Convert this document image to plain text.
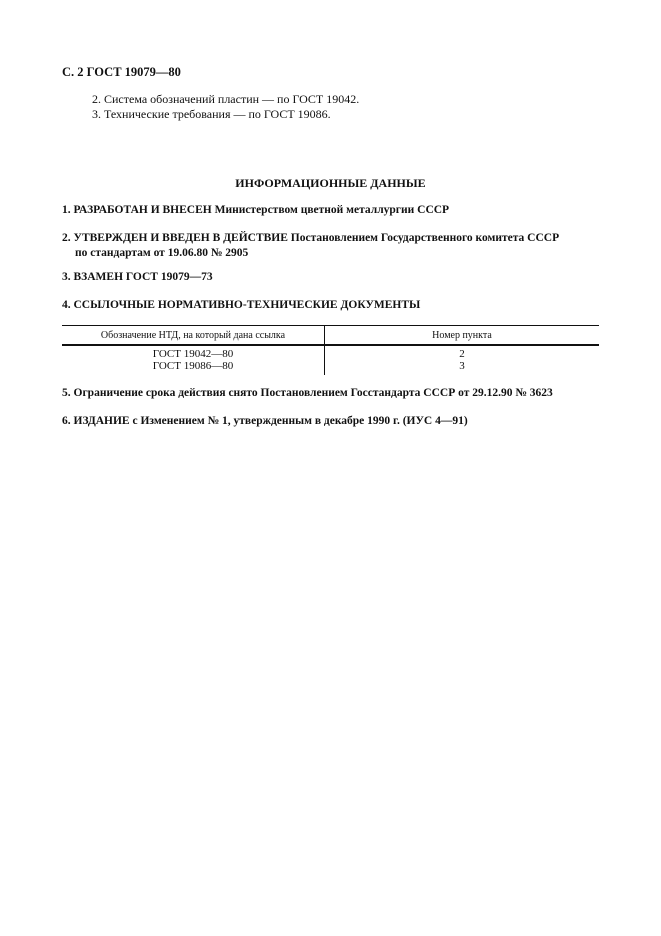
С. 2 ГОСТ 19079—80
2. Система обозначений пластин — по ГОСТ 19042.
3. Технические требования — по ГОСТ 19086.
ИНФОРМАЦИОННЫЕ ДАННЫЕ
1. РАЗРАБОТАН И ВНЕСЕН Министерством цветной металлургии СССР
2. УТВЕРЖДЕН И ВВЕДЕН В ДЕЙСТВИЕ Постановлением Государственного комитета СССР
по стандартам от 19.06.80 № 2905
3. ВЗАМЕН ГОСТ 19079—73
4. ССЫЛОЧНЫЕ НОРМАТИВНО-ТЕХНИЧЕСКИЕ ДОКУМЕНТЫ
Обозначение НТД, на который дана ссылка	Номер пункта
ГОСТ 19042—80
ГОСТ 19086—80
2
3
5. Ограничение срока действия снято Постановлением Госстандарта СССР от 29.12.90 № 3623
6. ИЗДАНИЕ с Изменением № 1, утвержденным в декабре 1990 г. (ИУС 4—91)
